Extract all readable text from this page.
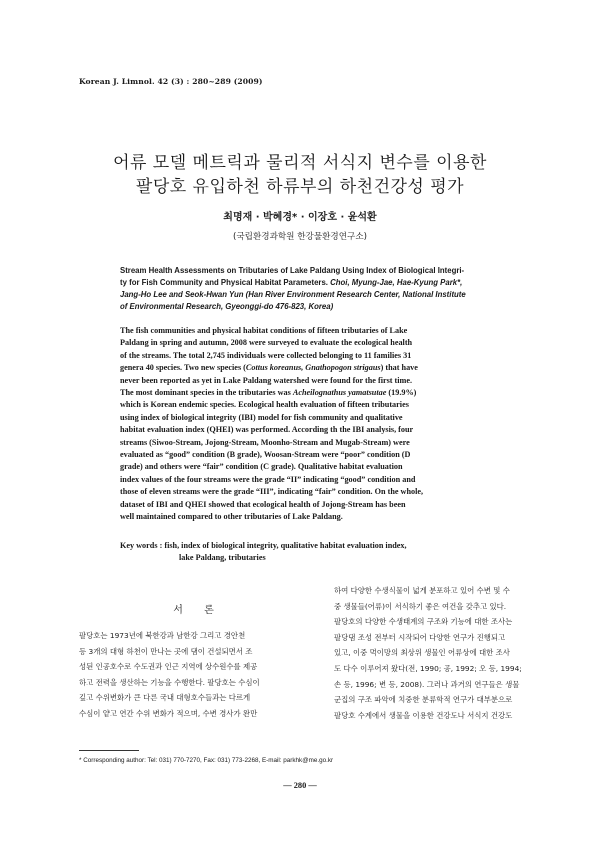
Korean J. Limnol. 42 (3) : 280~289 (2009)
어류 모델 메트릭과 물리적 서식지 변수를 이용한
팔당호 유입하천 하류부의 하천건강성 평가
최명재 · 박혜경* · 이장호 · 윤석환
(국립환경과학원 한강물환경연구소)
Stream Health Assessments on Tributaries of Lake Paldang Using Index of Biological Integri-
ty for Fish Community and Physical Habitat Parameters. Choi, Myung-Jae, Hae-Kyung Park*,
Jang-Ho Lee and Seok-Hwan Yun (Han River Environment Research Center, National Institute
of Environmental Research, Gyeonggi-do 476-823, Korea)
The fish communities and physical habitat conditions of fifteen tributaries of Lake
Paldang in spring and autumn, 2008 were surveyed to evaluate the ecological health
of the streams. The total 2,745 individuals were collected belonging to 11 families 31
genera 40 species. Two new species (Cottus koreanus, Gnathopogon strigaus) that have
never been reported as yet in Lake Paldang watershed were found for the first time.
The most dominant species in the tributaries was Acheilognathus yamatsutae (19.9%)
which is Korean endemic species. Ecological health evaluation of fifteen tributaries
using index of biological integrity (IBI) model for fish community and qualitative
habitat evaluation index (QHEI) was performed. According th the IBI analysis, four
streams (Siwoo-Stream, Jojong-Stream, Moonho-Stream and Mugab-Stream) were
evaluated as “good” condition (B grade), Woosan-Stream were “poor” condition (D
grade) and others were “fair” condition (C grade). Qualitative habitat evaluation
index values of the four streams were the grade “II” indicating “good” condition and
those of eleven streams were the grade “III”, indicating “fair” condition. On the whole,
dataset of IBI and QHEI showed that ecological health of Jojong-Stream has been
well maintained compared to other tributaries of Lake Paldang.
Key words : fish, index of biological integrity, qualitative habitat evaluation index,
lake Paldang, tributaries
서 론
팔당호는 1973년에 북한강과 남한강 그리고 경안천
등 3개의 대형 하천이 만나는 곳에 댐이 건설되면서 조
성된 인공호수로 수도권과 인근 지역에 상수원수를 제공
하고 전력을 생산하는 기능을 수행한다. 팔당호는 수심이
깊고 수위변화가 큰 다른 국내 대형호수들과는 다르게
수심이 얕고 연간 수위 변화가 적으며, 수변 경사가 완만
하여 다양한 수생식물이 넓게 분포하고 있어 수변 및 수
중 생물들(어류)이 서식하기 좋은 여건을 갖추고 있다.
팔당호의 다양한 수생태계의 구조와 기능에 대한 조사는
팔당댐 조성 전부터 시작되어 다양한 연구가 진행되고
있고, 이중 먹이망의 최상위 생물인 어류상에 대한 조사
도 다수 이루어져 왔다(전, 1990; 공, 1992; 오 등, 1994;
손 등, 1996; 변 등, 2008). 그러나 과거의 연구들은 생물
군집의 구조 파악에 치중한 분류학적 연구가 대부분으로
팔당호 수계에서 생물을 이용한 건강도나 서식지 건강도
* Corresponding author: Tel: 031) 770-7270, Fax: 031) 773-2268, E-mail: parkhk@me.go.kr
— 280 —
